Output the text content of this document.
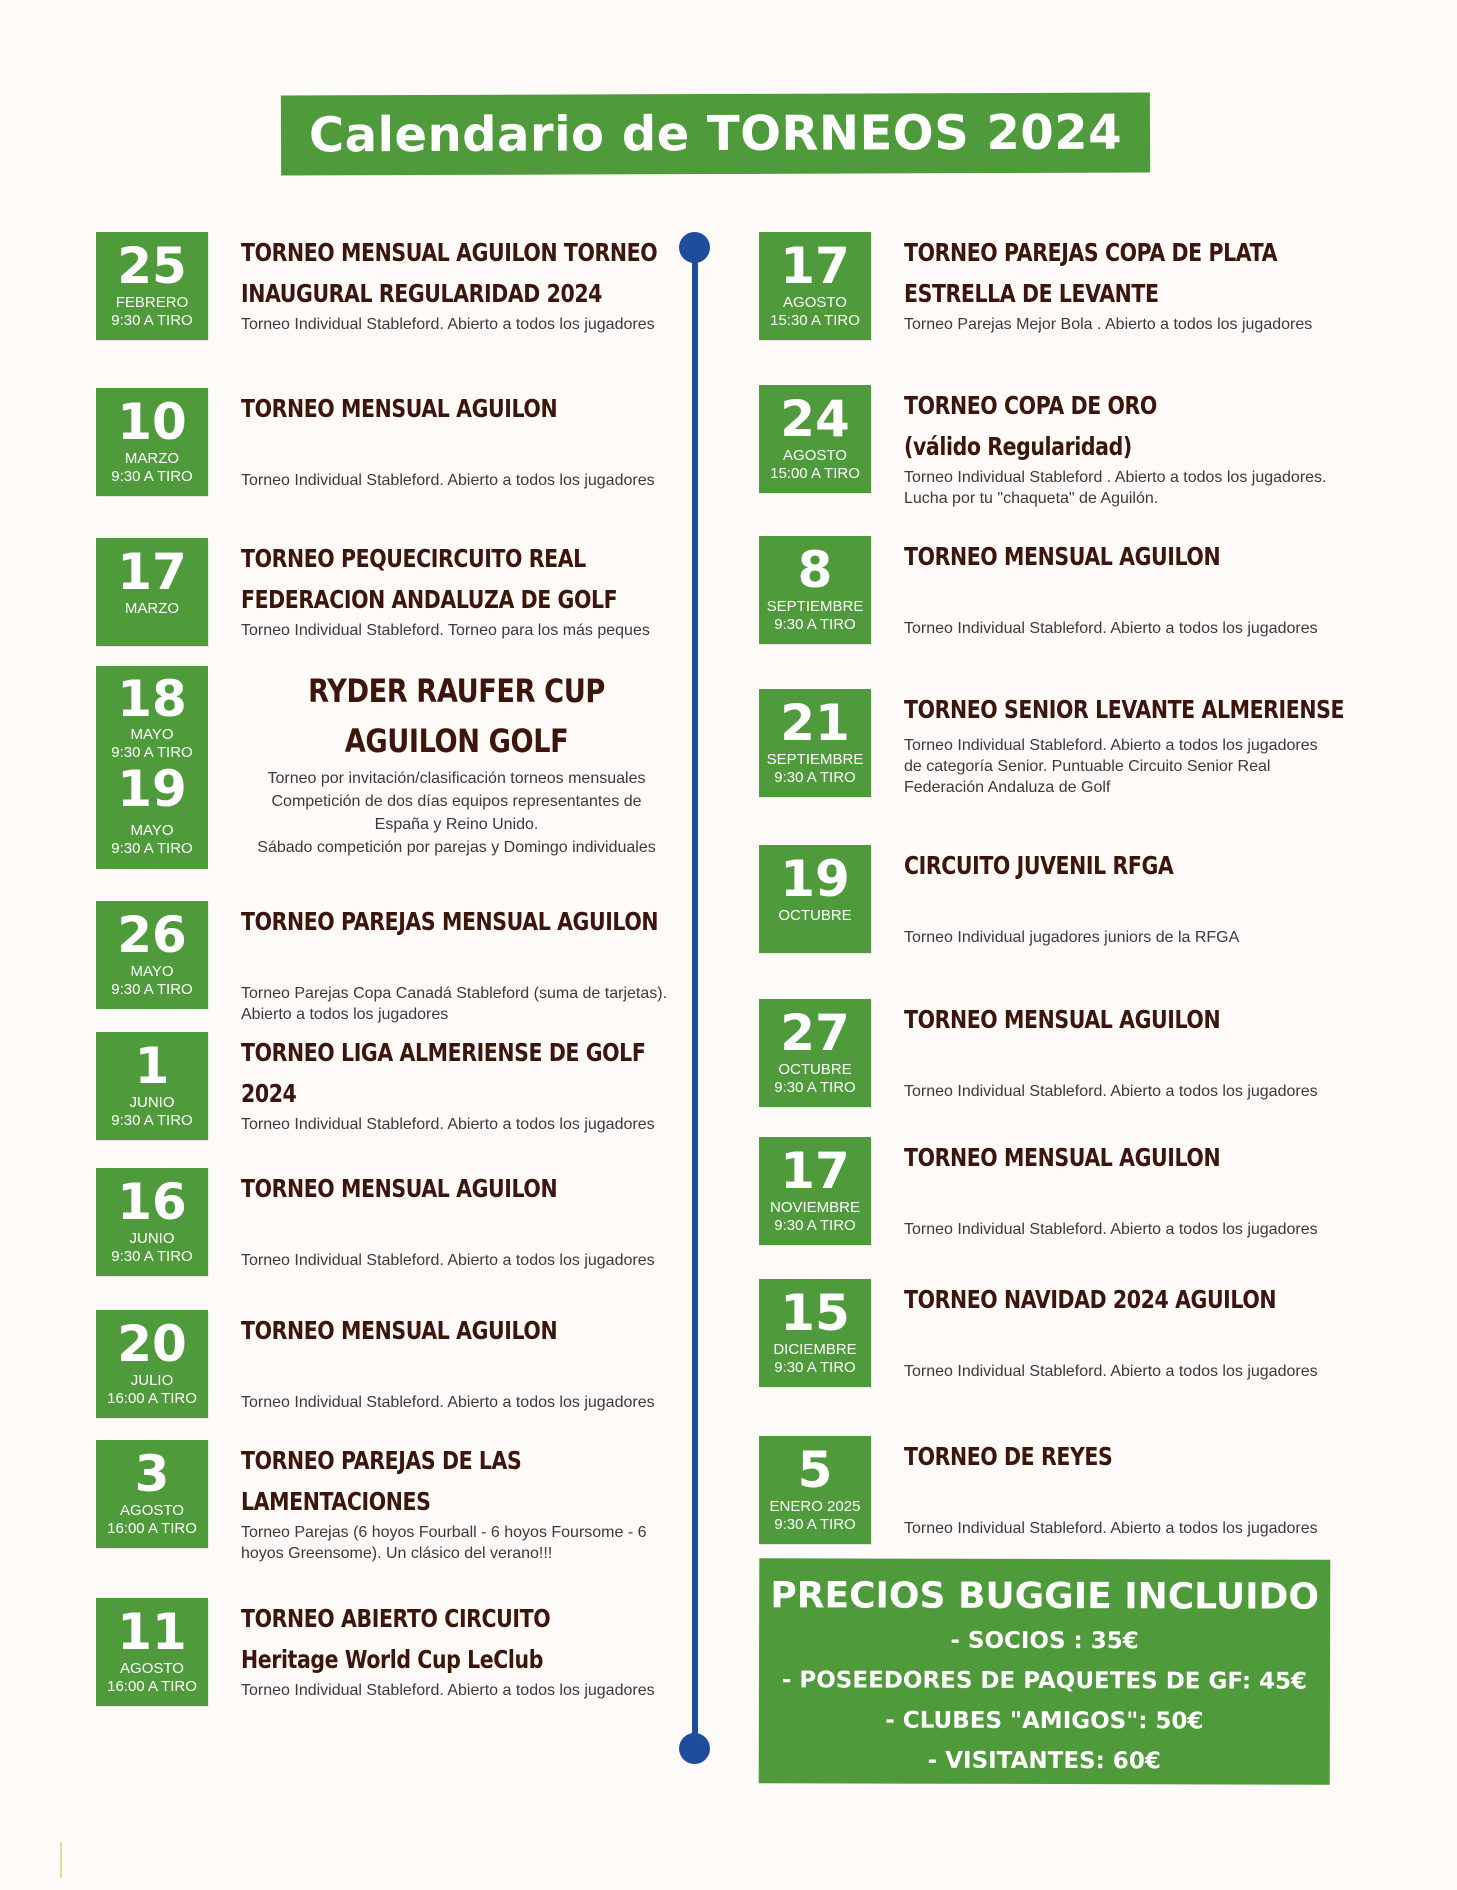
Calendario de TORNEOS 2024
25
FEBRERO
9:30 A TIRO
TORNEO MENSUAL AGUILON TORNEO
INAUGURAL REGULARIDAD 2024
Torneo Individual Stableford. Abierto a todos los jugadores
10
MARZO
9:30 A TIRO
TORNEO MENSUAL AGUILON
Torneo Individual Stableford. Abierto a todos los jugadores
17
MARZO
TORNEO PEQUECIRCUITO REAL
FEDERACION ANDALUZA DE GOLF
Torneo Individual Stableford. Torneo para los más peques
26
MAYO
9:30 A TIRO
TORNEO PAREJAS MENSUAL AGUILON
Torneo Parejas Copa Canadá Stableford (suma de tarjetas).
Abierto a todos los jugadores
1
JUNIO
9:30 A TIRO
TORNEO LIGA ALMERIENSE DE GOLF
2024
Torneo Individual Stableford. Abierto a todos los jugadores
16
JUNIO
9:30 A TIRO
TORNEO MENSUAL AGUILON
Torneo Individual Stableford. Abierto a todos los jugadores
20
JULIO
16:00 A TIRO
TORNEO MENSUAL AGUILON
Torneo Individual Stableford. Abierto a todos los jugadores
3
AGOSTO
16:00 A TIRO
TORNEO PAREJAS DE LAS
LAMENTACIONES
Torneo Parejas (6 hoyos Fourball - 6 hoyos Foursome - 6
hoyos Greensome). Un clásico del verano!!!
11
AGOSTO
16:00 A TIRO
TORNEO ABIERTO CIRCUITO
Heritage World Cup LeClub
Torneo Individual Stableford. Abierto a todos los jugadores
17
AGOSTO
15:30 A TIRO
TORNEO PAREJAS COPA DE PLATA
ESTRELLA DE LEVANTE
Torneo Parejas Mejor Bola . Abierto a todos los jugadores
24
AGOSTO
15:00 A TIRO
TORNEO COPA DE ORO
(válido Regularidad)
Torneo Individual Stableford . Abierto a todos los jugadores.
Lucha por tu "chaqueta" de Aguilón.
8
SEPTIEMBRE
9:30 A TIRO
TORNEO MENSUAL AGUILON
Torneo Individual Stableford. Abierto a todos los jugadores
21
SEPTIEMBRE
9:30 A TIRO
TORNEO SENIOR LEVANTE ALMERIENSE
Torneo Individual Stableford. Abierto a todos los jugadores
de categoría Senior. Puntuable Circuito Senior Real
Federación Andaluza de Golf
19
OCTUBRE
CIRCUITO JUVENIL RFGA
Torneo Individual jugadores juniors de la RFGA
27
OCTUBRE
9:30 A TIRO
TORNEO MENSUAL AGUILON
Torneo Individual Stableford. Abierto a todos los jugadores
17
NOVIEMBRE
9:30 A TIRO
TORNEO MENSUAL AGUILON
Torneo Individual Stableford. Abierto a todos los jugadores
15
DICIEMBRE
9:30 A TIRO
TORNEO NAVIDAD 2024 AGUILON
Torneo Individual Stableford. Abierto a todos los jugadores
5
ENERO 2025
9:30 A TIRO
TORNEO DE REYES
Torneo Individual Stableford. Abierto a todos los jugadores
18
MAYO
9:30 A TIRO
19
MAYO
9:30 A TIRO
RYDER RAUFER CUP
AGUILON GOLF
Torneo por invitación/clasificación torneos mensuales
Competición de dos días equipos representantes de
España y Reino Unido.
Sábado competición por parejas y Domingo individuales
PRECIOS BUGGIE INCLUIDO
- SOCIOS : 35€
- POSEEDORES DE PAQUETES DE GF: 45€
- CLUBES "AMIGOS": 50€
- VISITANTES: 60€
